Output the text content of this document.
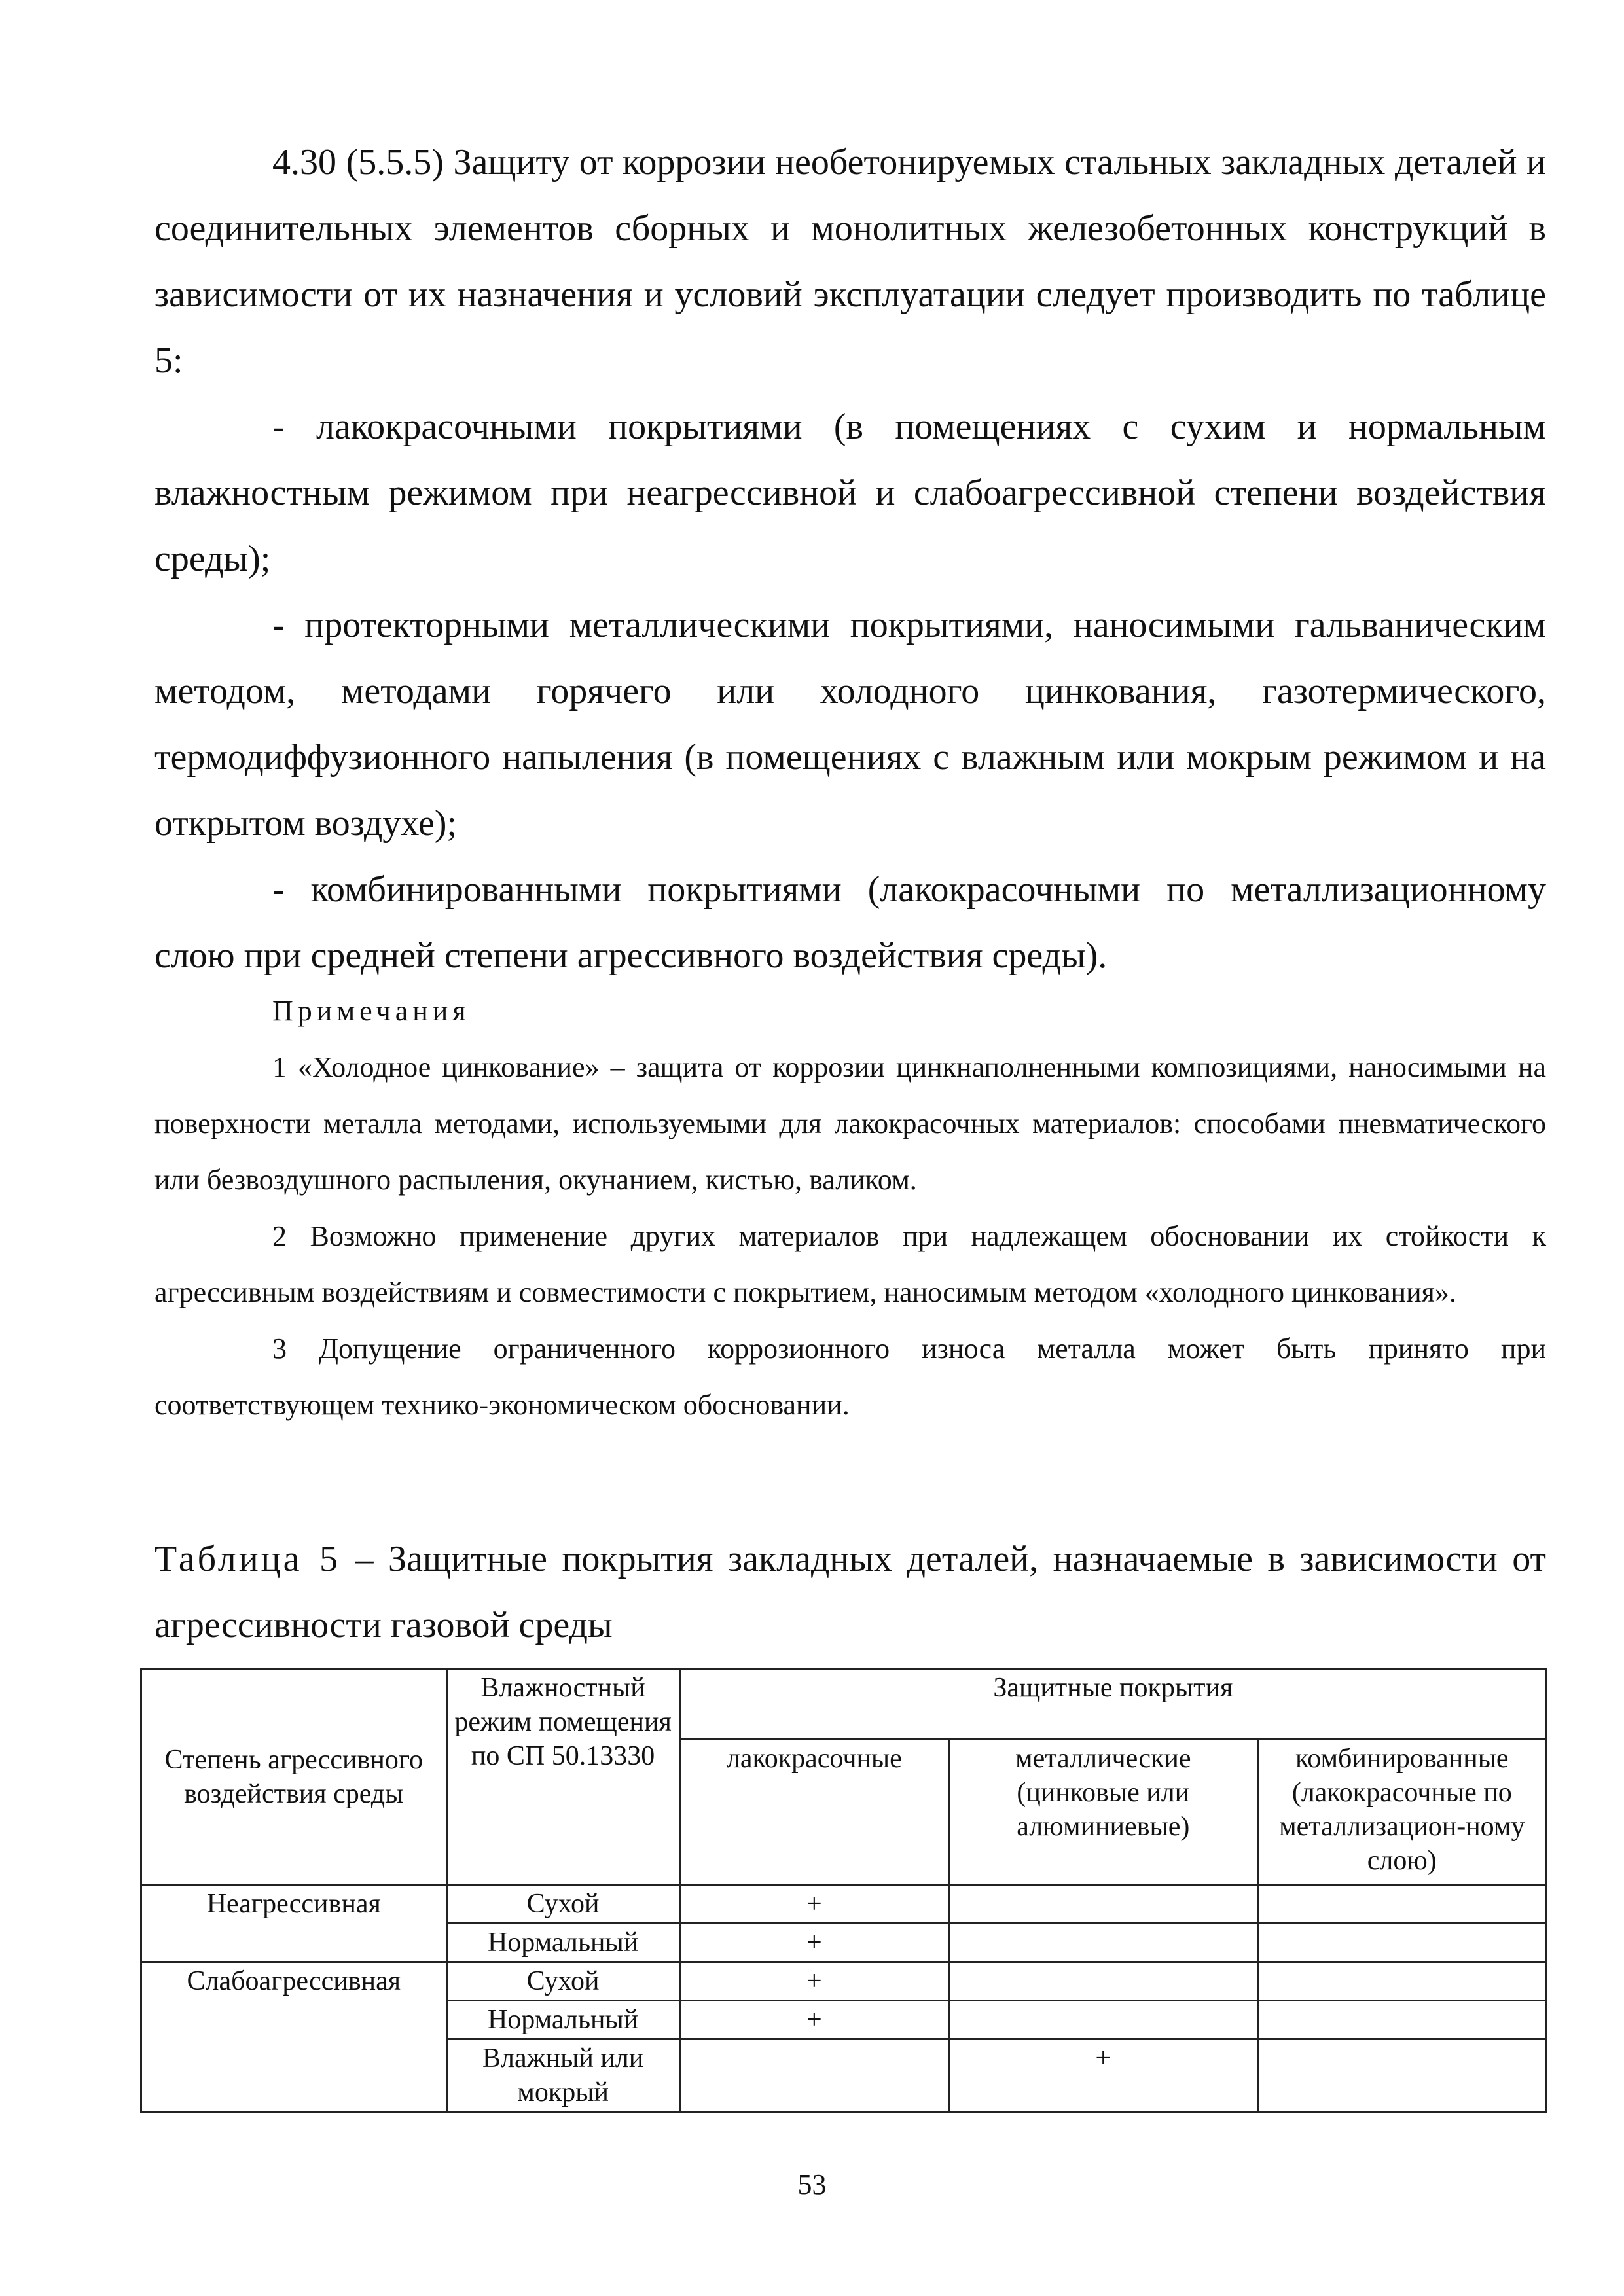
4.30 (5.5.5) Защиту от коррозии необетонируемых стальных закладных деталей и соединительных элементов сборных и монолитных железобетонных конструкций в зависимости от их назначения и условий эксплуатации следует производить по таблице 5:

- лакокрасочными покрытиями (в помещениях с сухим и нормальным влажностным режимом при неагрессивной и слабоагрессивной степени воздействия среды);

- протекторными металлическими покрытиями, наносимыми гальваническим методом, методами горячего или холодного цинкования, газотермического, термодиффузионного напыления (в помещениях с влажным или мокрым режимом и на открытом воздухе);

- комбинированными покрытиями (лакокрасочными по металлизационному слою при средней степени агрессивного воздействия среды).

Примечания

1 «Холодное цинкование» – защита от коррозии цинкнаполненными композициями, наносимыми на поверхности металла методами, используемыми для лакокрасочных материалов: способами пневматического или безвоздушного распыления, окунанием, кистью, валиком.

2 Возможно применение других материалов при надлежащем обосновании их стойкости к агрессивным воздействиям и совместимости с покрытием, наносимым методом «холодного цинкования».

3 Допущение ограниченного коррозионного износа металла может быть принято при соответствующем технико-экономическом обосновании.

Таблица 5 – Защитные покрытия закладных деталей, назначаемые в зависимости от агрессивности газовой среды

Степень агрессивного воздействия среды	Влажностный режим помещения по СП 50.13330	Защитные покрытия		
		лакокрасочные	металлические (цинковые или алюминиевые)	комбинированные (лакокрасочные по металлизацион-ному слою)
Неагрессивная	Сухой	+		
	Нормальный	+		
Слабоагрессивная	Сухой	+		
	Нормальный	+		
	Влажный или мокрый		+	
53
